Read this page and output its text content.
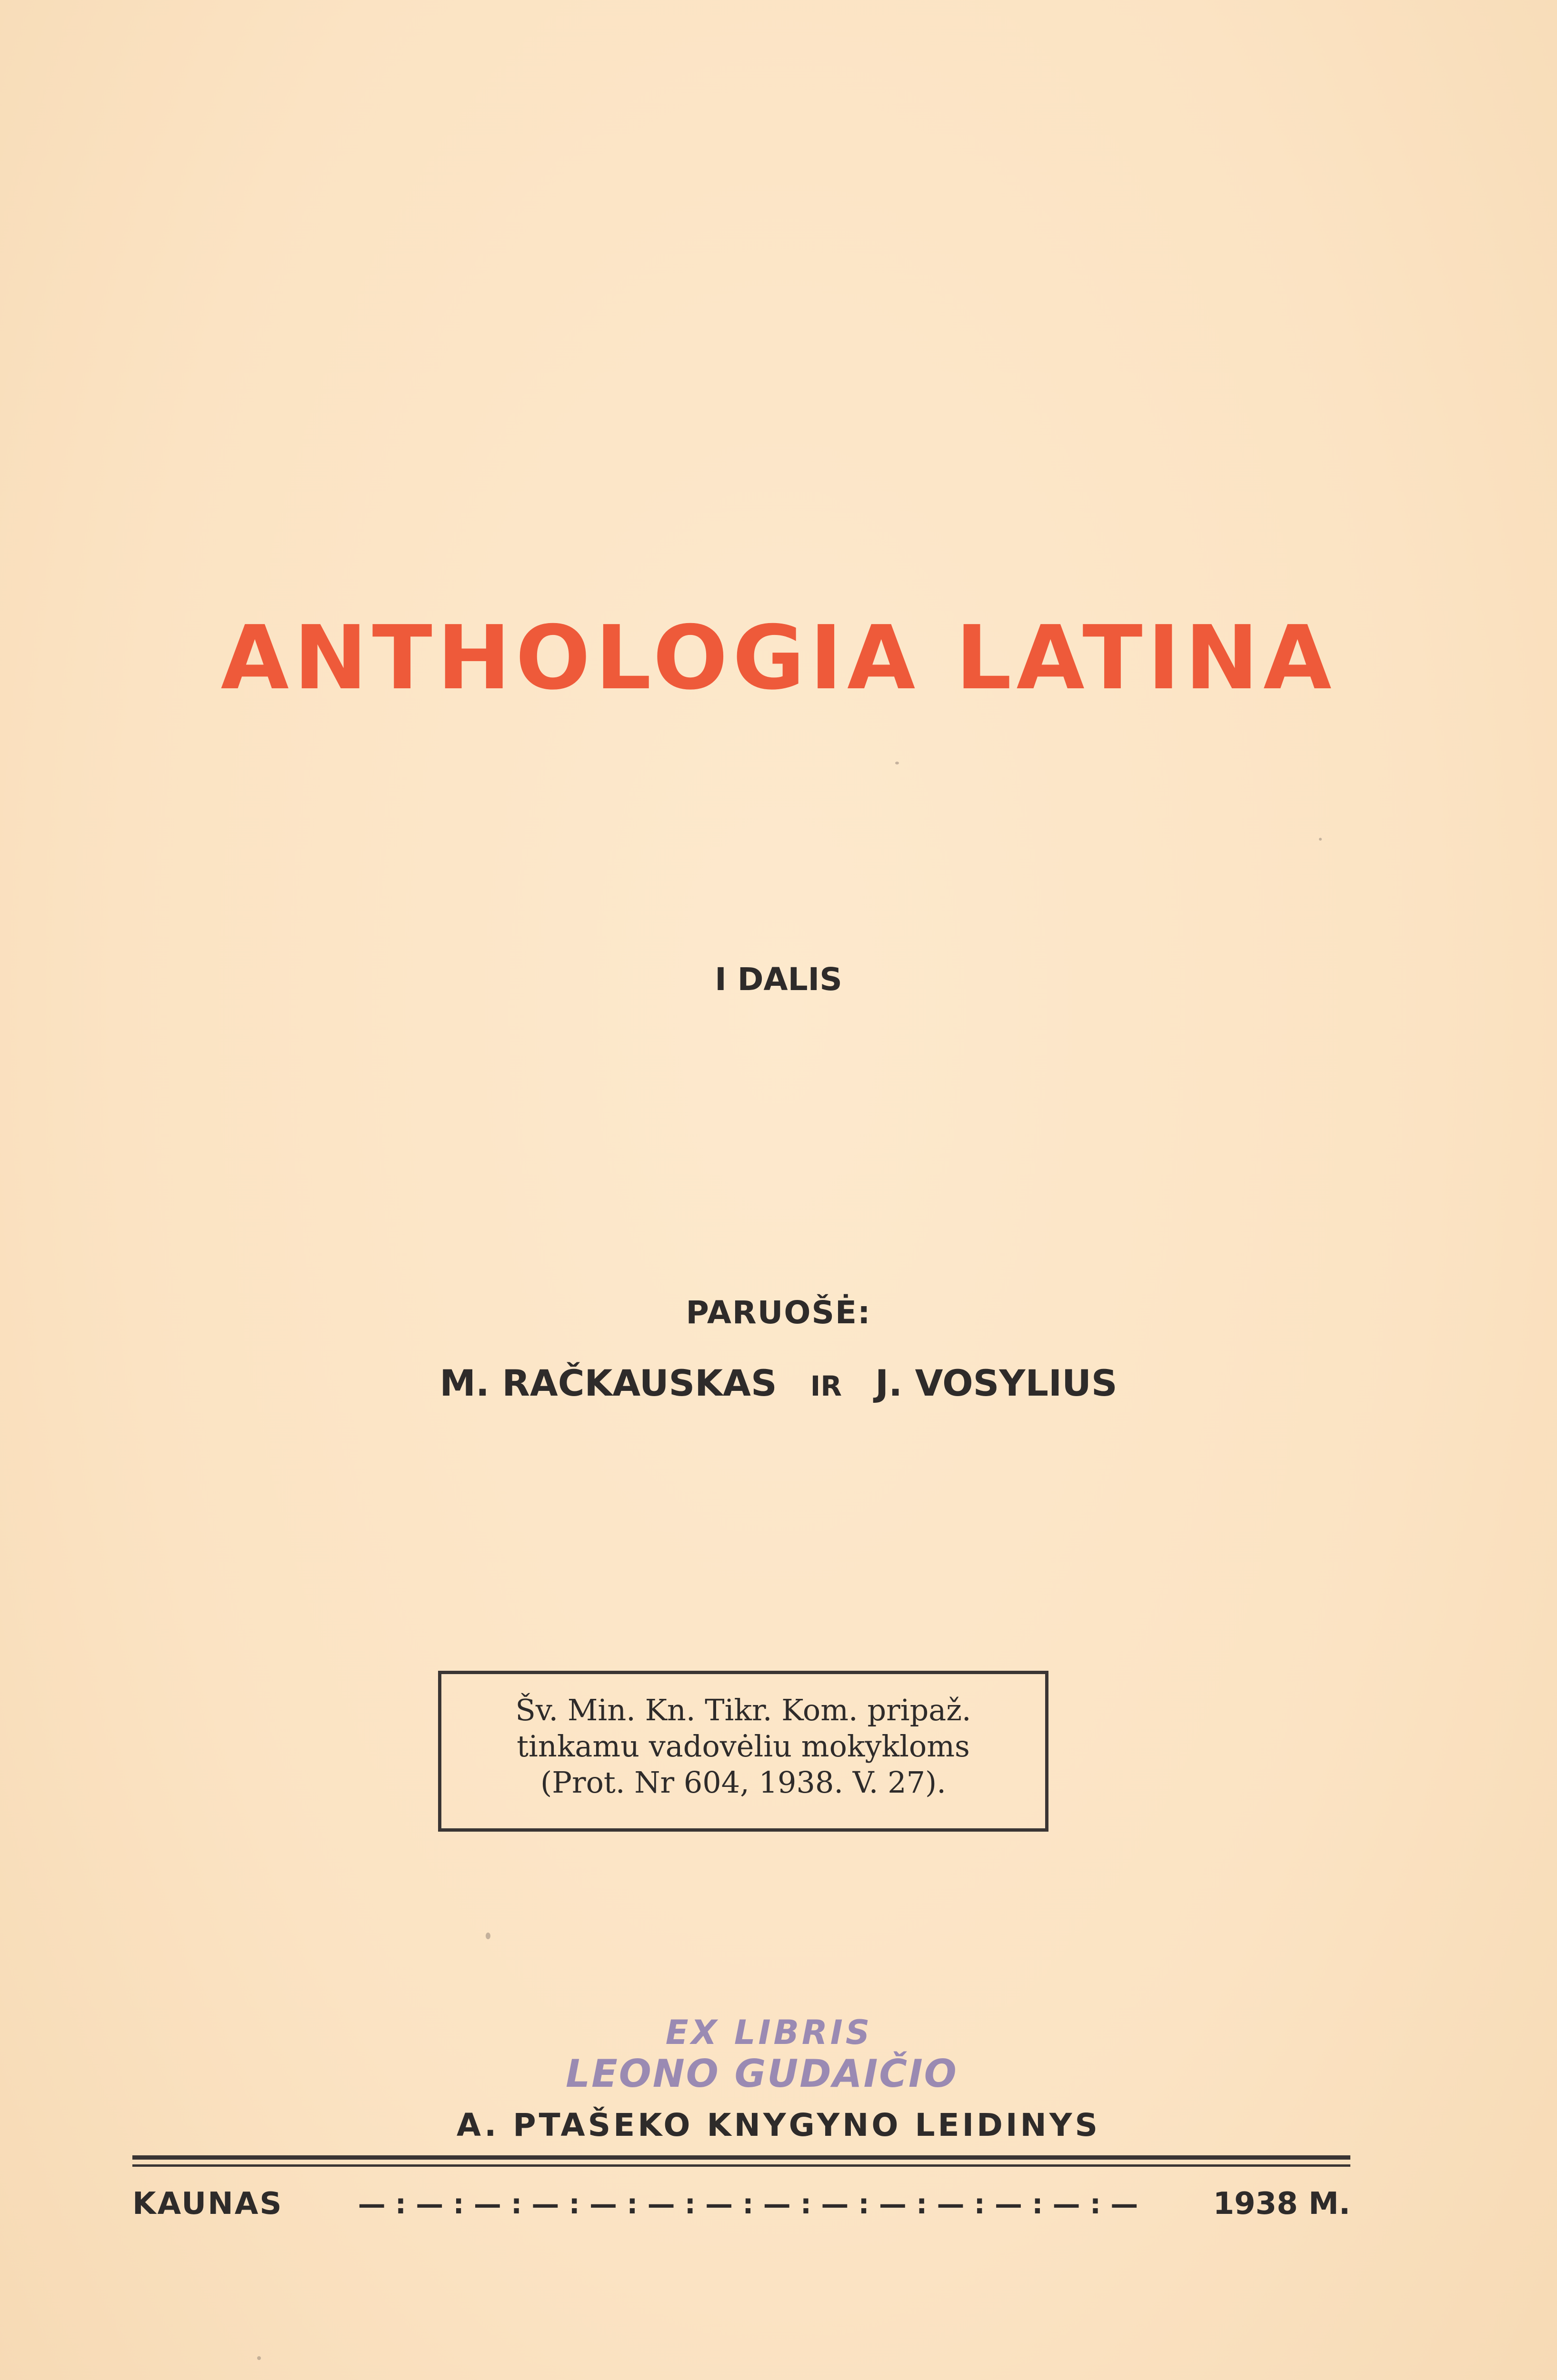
ANTHOLOGIA LATINA
I DALIS
PARUOŠĖ:
M. RAČKAUSKAS IR J. VOSYLIUS
Šv. Min. Kn. Tikr. Kom. pripaž.
tinkamu vadovėliu mokykloms
(Prot. Nr 604, 1938. V. 27).
EX LIBRIS
LEONO GUDAIČIO
A. PTAŠEKO KNYGYNO LEIDINYS
KAUNAS	— : — : — : — : — : — : — : — : — : — : — : — : — : — 1938 M.
